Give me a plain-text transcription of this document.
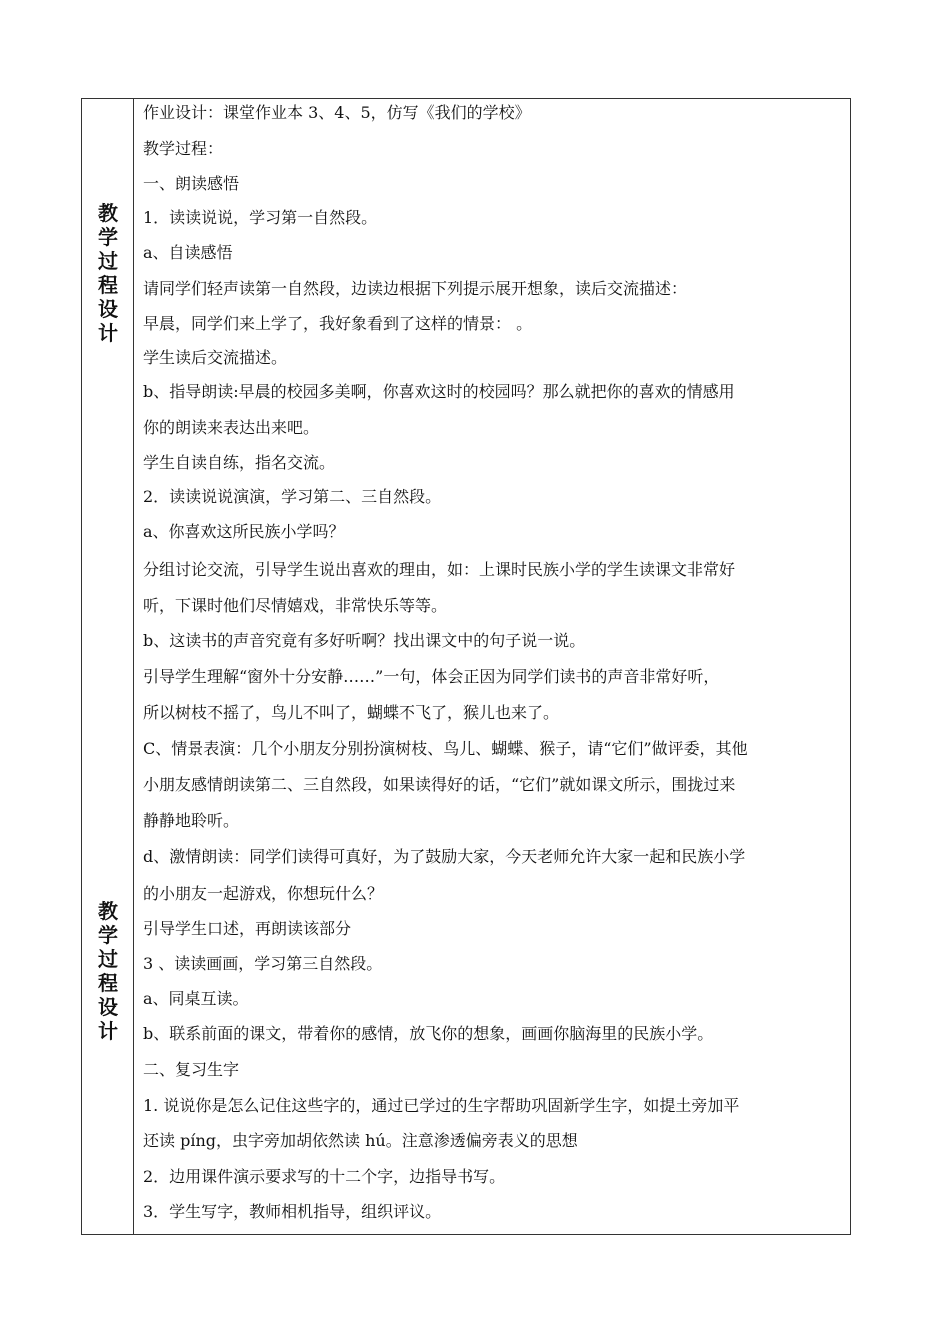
教
学
过
程
设
计
教
学
过
程
设
计
作业设计：课堂作业本 3、4、5，仿写《我们的学校》
教学过程：
一、朗读感悟
1．读读说说，学习第一自然段。
a、自读感悟
请同学们轻声读第一自然段，边读边根据下列提示展开想象，读后交流描述：
早晨，同学们来上学了，我好象看到了这样的情景： 。
学生读后交流描述。
b、指导朗读:早晨的校园多美啊，你喜欢这时的校园吗？那么就把你的喜欢的情感用
你的朗读来表达出来吧。
学生自读自练，指名交流。
2．读读说说演演，学习第二、三自然段。
a、你喜欢这所民族小学吗？
分组讨论交流，引导学生说出喜欢的理由，如：上课时民族小学的学生读课文非常好
听，下课时他们尽情嬉戏，非常快乐等等。
b、这读书的声音究竟有多好听啊？找出课文中的句子说一说。
引导学生理解“窗外十分安静……”一句，体会正因为同学们读书的声音非常好听，
所以树枝不摇了，鸟儿不叫了，蝴蝶不飞了，猴儿也来了。
C、情景表演：几个小朋友分别扮演树枝、鸟儿、蝴蝶、猴子，请“它们”做评委，其他
小朋友感情朗读第二、三自然段，如果读得好的话，“它们”就如课文所示，围拢过来
静静地聆听。
d、激情朗读：同学们读得可真好，为了鼓励大家，今天老师允许大家一起和民族小学
的小朋友一起游戏，你想玩什么？
引导学生口述，再朗读该部分
3 、读读画画，学习第三自然段。
a、同桌互读。
b、联系前面的课文，带着你的感情，放飞你的想象，画画你脑海里的民族小学。
二、复习生字
1. 说说你是怎么记住这些字的，通过已学过的生字帮助巩固新学生字，如提土旁加平
还读 píng，虫字旁加胡依然读 hú。注意渗透偏旁表义的思想
2．边用课件演示要求写的十二个字，边指导书写。
3．学生写字，教师相机指导，组织评议。
